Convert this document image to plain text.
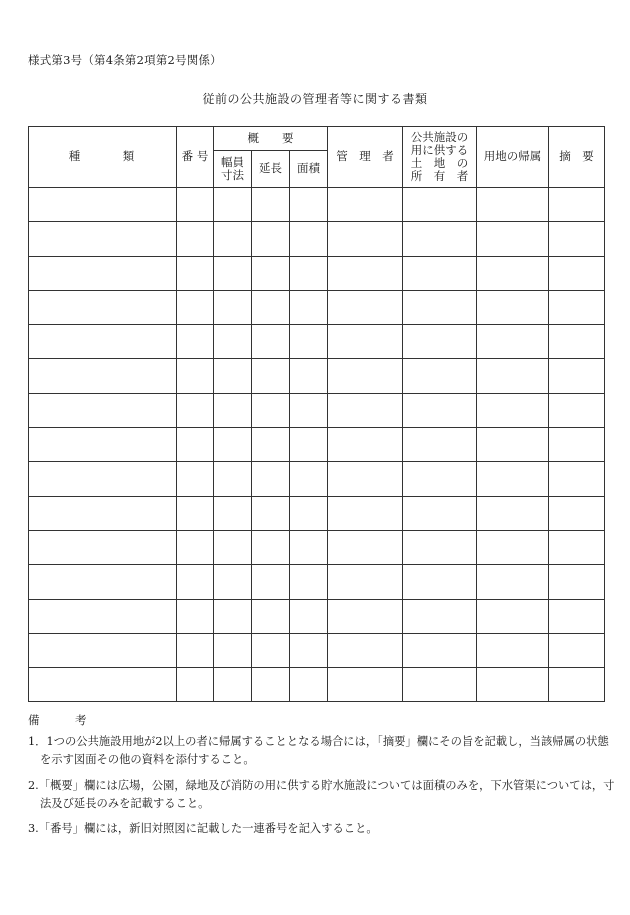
様式第3号（第4条第2項第2号関係）
従前の公共施設の管理者等に関する書類
種　　　類	番 号	概　　要			管　理　者	公共施設の
用に供する
土　地　の
所　有　者	用地の帰属	摘　要

		幅員
寸法	延長	面積				

備　考
1．1つの公共施設用地が2以上の者に帰属することとなる場合には，「摘要」欄にその旨を記載し，当該帰属の状態を示す図面その他の資料を添付すること。
2.「概要」欄には広場，公園，緑地及び消防の用に供する貯水施設については面積のみを，下水管渠については，寸法及び延長のみを記載すること。
3.「番号」欄には，新旧対照図に記載した一連番号を記入すること。
